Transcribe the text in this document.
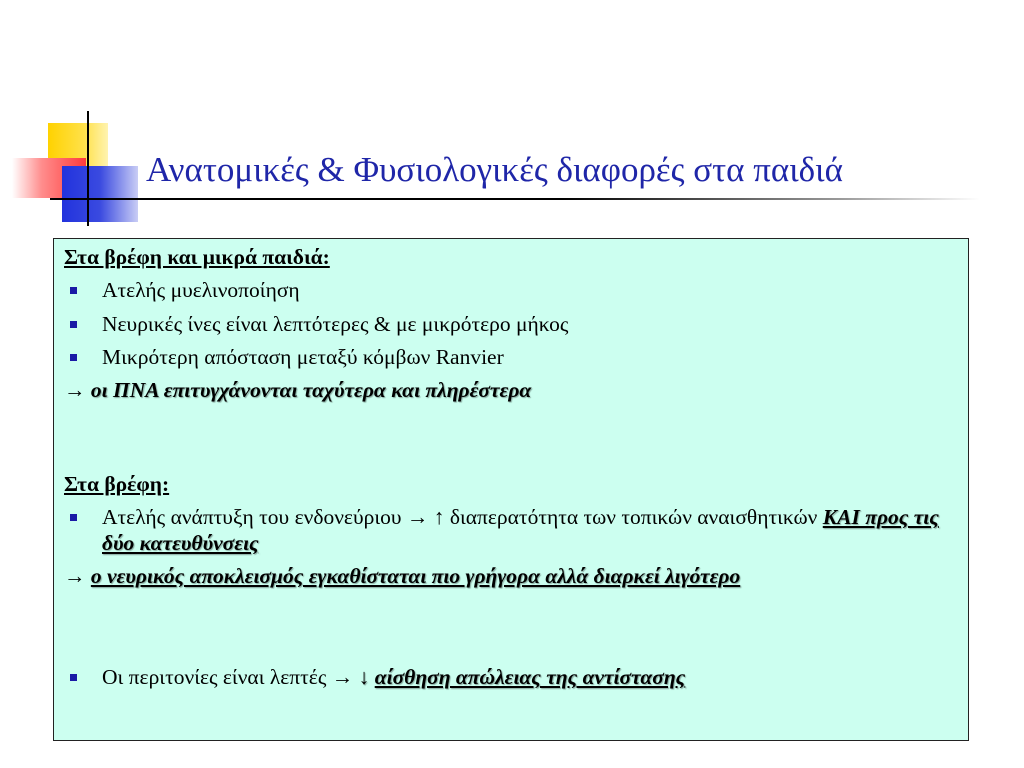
Ανατομικές & Φυσιολογικές διαφορές στα παιδιά

Στα βρέφη και μικρά παιδιά:

Ατελής μυελινοποίηση
Νευρικές ίνες είναι λεπτότερες & με μικρότερο μήκος
Μικρότερη απόσταση μεταξύ κόμβων Ranvier
→ οι ΠΝΑ επιτυγχάνονται ταχύτερα και πληρέστερα

Στα βρέφη:

Ατελής ανάπτυξη του ενδονεύριου → ↑ διαπερατότητα των τοπικών αναισθητικών ΚΑΙ προς τις δύο κατευθύνσεις
→ ο νευρικός αποκλεισμός εγκαθίσταται πιο γρήγορα αλλά διαρκεί λιγότερο
Οι περιτονίες είναι λεπτές → ↓ αίσθηση απώλειας της αντίστασης
